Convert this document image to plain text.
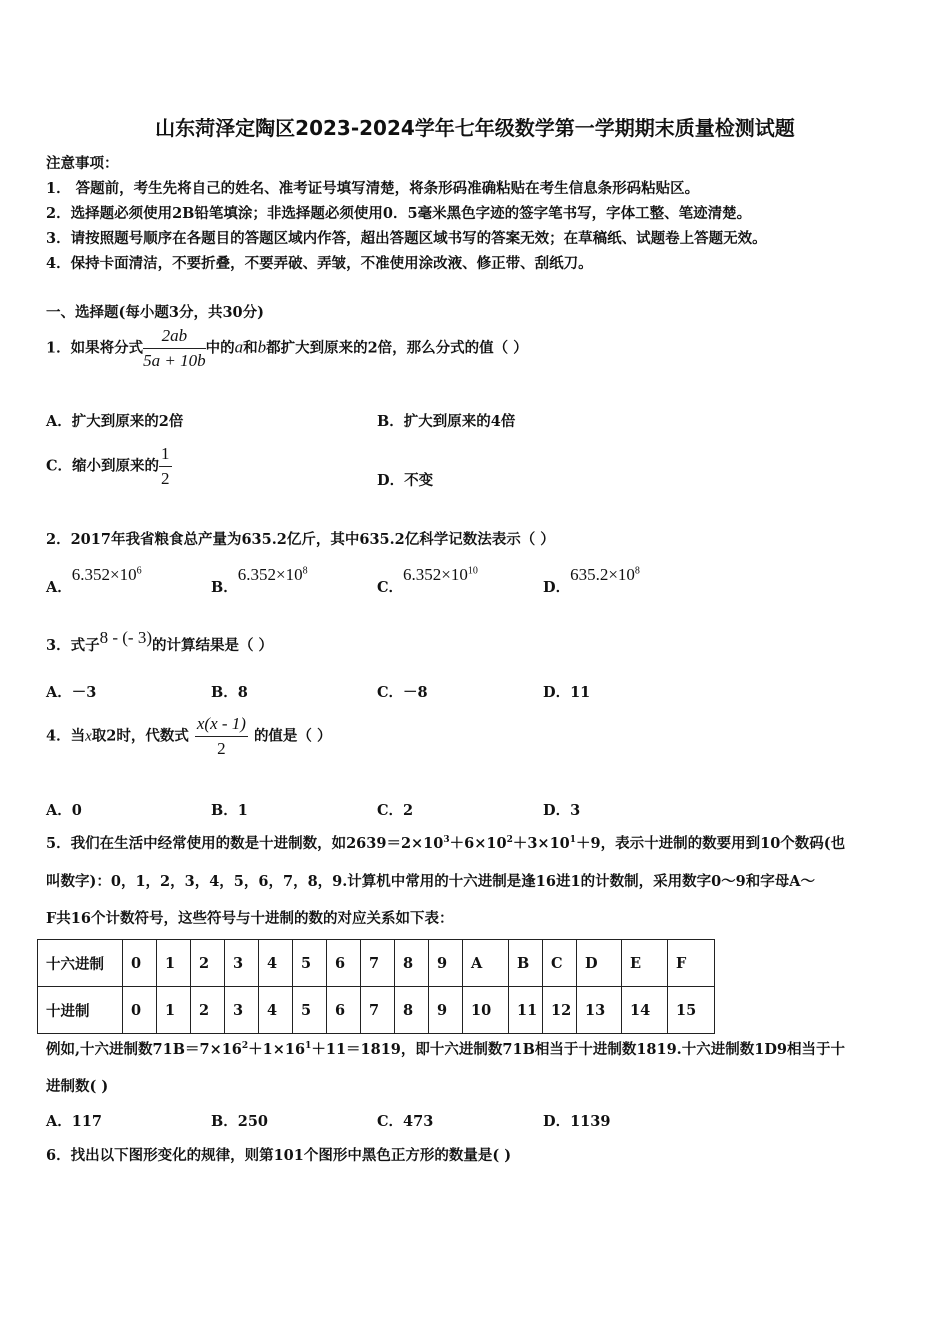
山东菏泽定陶区2023-2024学年七年级数学第一学期期末质量检测试题
注意事项：
1． 答题前，考生先将自己的姓名、准考证号填写清楚，将条形码准确粘贴在考生信息条形码粘贴区。
2．选择题必须使用2B铅笔填涂；非选择题必须使用0．5毫米黑色字迹的签字笔书写，字体工整、笔迹清楚。
3．请按照题号顺序在各题目的答题区域内作答，超出答题区域书写的答案无效；在草稿纸、试题卷上答题无效。
4．保持卡面清洁，不要折叠，不要弄破、弄皱，不准使用涂改液、修正带、刮纸刀。
一、选择题(每小题3分，共30分)
1．如果将分式 $\frac{2ab}{5a + 10b}$ 中的a和b都扩大到原来的2倍，那么分式的值（ ）
A．扩大到原来的2倍	B．扩大到原来的4倍
C．缩小到原来的 $\frac{1}{2}$	D．不变
2．2017年我省粮食总产量为635.2亿斤，其中635.2亿科学记数法表示（ ）
A．$6.352\times 10^6$
B．$6.352\times 10^8$
C．$6.352\times 10^{10}$
D．$635.2\times 10^8$
3．式子8 - (- 3)的计算结果是（ ）
A．－3	B．8	C．－8	D．11
4．当x取2时，代数式 $\frac{x(x - 1)}{2}$ 的值是（ ）
A．0	B．1	C．2	D．3
5．我们在生活中经常使用的数是十进制数，如$2639=2\times 10^3+6\times 10^2+3\times 10^1+9$，表示十进制的数要用到10个数码(也
叫数字)：0，1，2，3，4，5，6，7，8，9.计算机中常用的十六进制是逢16进1的计数制，采用数字0～9和字母A～
F共16个计数符号，这些符号与十进制的数的对应关系如下表：
十六进制	0	1	2	3	4	5	6	7	8	9	A	B	C	D	E	F
十进制	0	1	2	3	4	5	6	7	8	9	10	11	12	13	14	15
例如,十六进制数$71B=7\times 16^2+1\times 16^1+11=1819$，即十六进制数71B相当于十进制数1819.十六进制数1D9相当于十
进制数( )
A．117	B．250	C．473	D．1139
6．找出以下图形变化的规律，则第101个图形中黑色正方形的数量是( )
